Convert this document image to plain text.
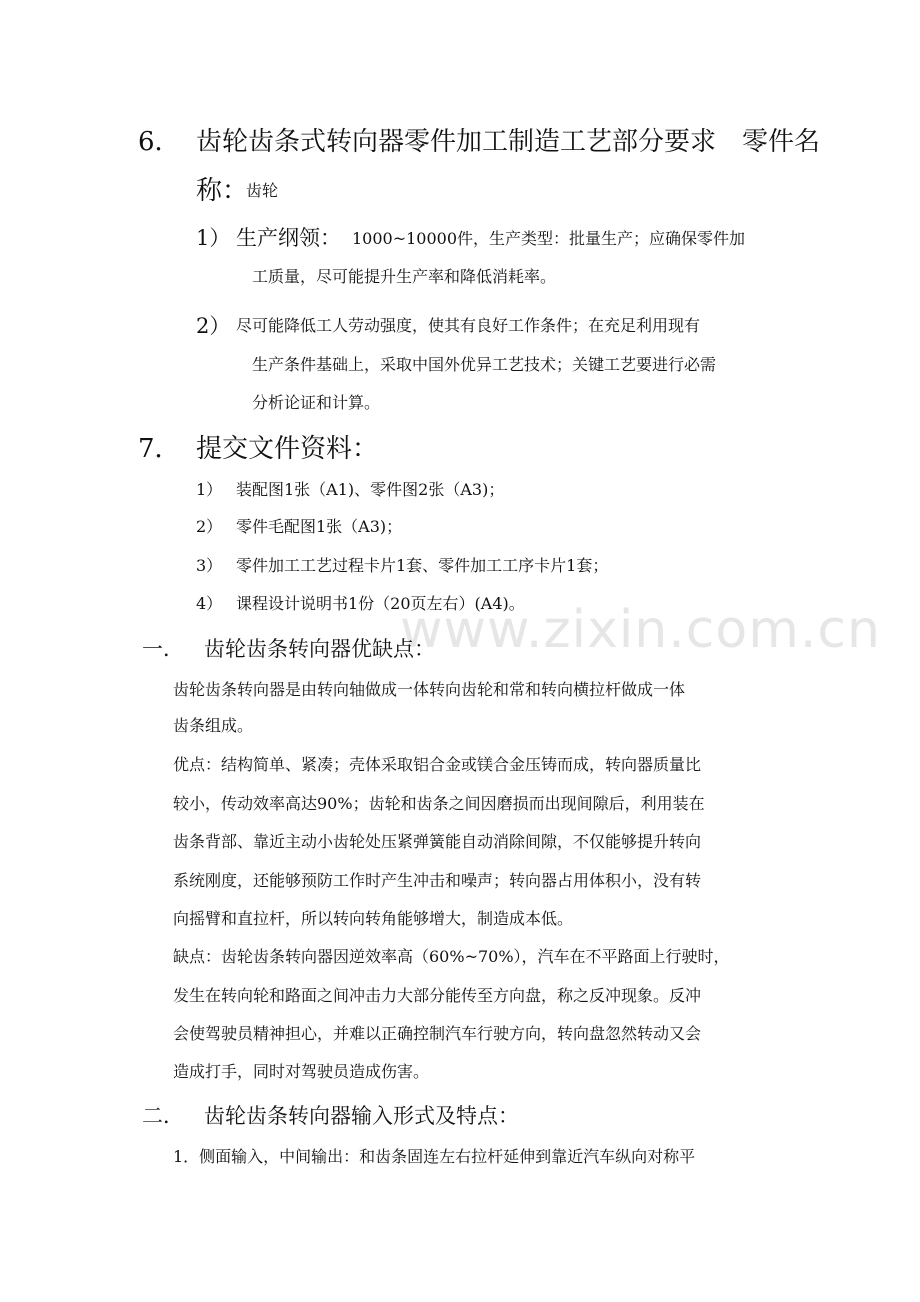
www.zixin.com.cn
6． 齿轮齿条式转向器零件加工制造工艺部分要求　零件名
称：
齿轮
1） 生产纲领： 1000~10000件，生产类型：批量生产；应确保零件加
工质量，尽可能提升生产率和降低消耗率。
2） 尽可能降低工人劳动强度，使其有良好工作条件；在充足利用现有
生产条件基础上，采取中国外优异工艺技术；关键工艺要进行必需
分析论证和计算。
7． 提交文件资料：
1） 装配图1张（A1)、零件图2张（A3)；
2） 零件毛配图1张（A3)；
3） 零件加工工艺过程卡片1套、零件加工工序卡片1套；
4） 课程设计说明书1份（20页左右）(A4)。
一． 齿轮齿条转向器优缺点：
齿轮齿条转向器是由转向轴做成一体转向齿轮和常和转向横拉杆做成一体
齿条组成。
优点：结构简单、紧凑；壳体采取铝合金或镁合金压铸而成，转向器质量比
较小，传动效率高达90%；齿轮和齿条之间因磨损而出现间隙后，利用装在
齿条背部、靠近主动小齿轮处压紧弹簧能自动消除间隙，不仅能够提升转向
系统刚度，还能够预防工作时产生冲击和噪声；转向器占用体积小，没有转
向摇臂和直拉杆，所以转向转角能够增大，制造成本低。
缺点：齿轮齿条转向器因逆效率高（60%~70%），汽车在不平路面上行驶时，
发生在转向轮和路面之间冲击力大部分能传至方向盘，称之反冲现象。反冲
会使驾驶员精神担心，并难以正确控制汽车行驶方向，转向盘忽然转动又会
造成打手，同时对驾驶员造成伤害。
二． 齿轮齿条转向器输入形式及特点：
1．侧面输入，中间输出：和齿条固连左右拉杆延伸到靠近汽车纵向对称平
